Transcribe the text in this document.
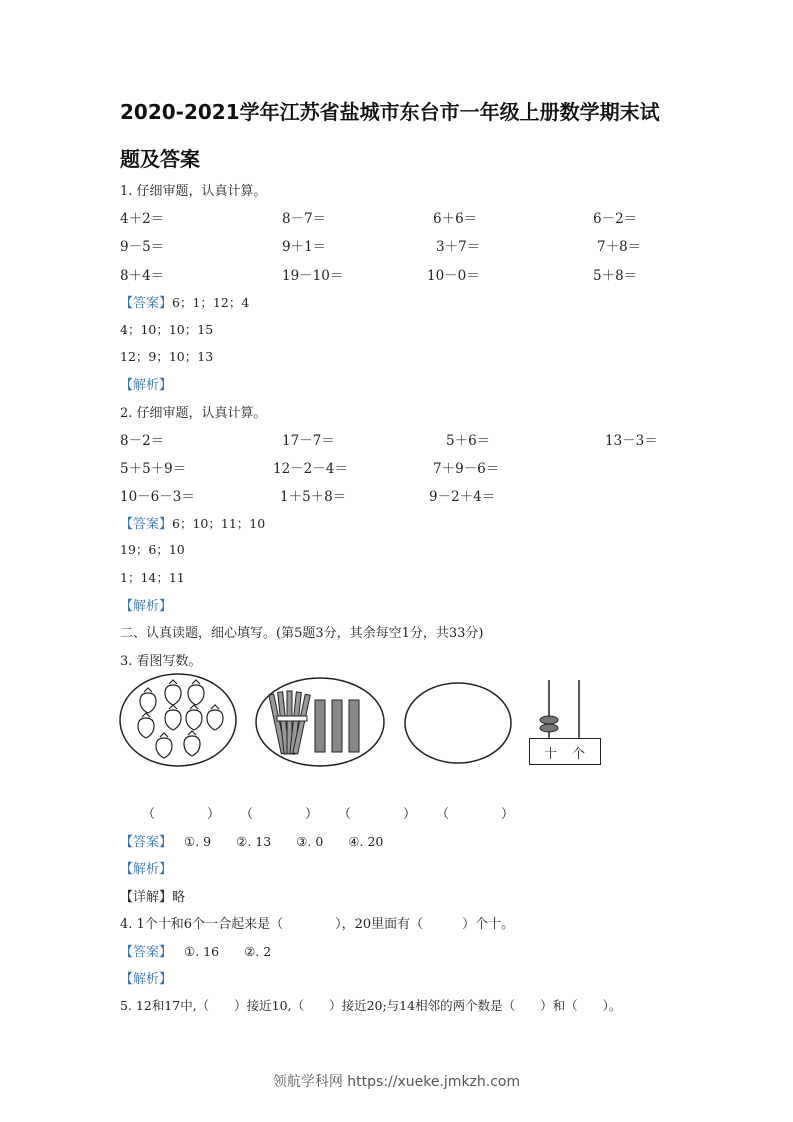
2020-2021学年江苏省盐城市东台市一年级上册数学期末试
题及答案
1. 仔细审题，认真计算。
4＋2＝	8－7＝	6＋6＝	6－2＝
9－5＝	9＋1＝	3＋7＝	7＋8＝
8＋4＝	19－10＝	10－0＝	5＋8＝
【答案】6；1；12；4
4；10；10；15
12；9；10；13
【解析】
2. 仔细审题，认真计算。
8－2＝	17－7＝	5＋6＝	13－3＝
5＋5＋9＝	12－2－4＝	7＋9－6＝
10－6－3＝	1＋5＋8＝	9－2＋4＝
【答案】6；10；11；10
19；6；10
1；14；11
【解析】
二、认真读题，细心填写。(第5题3分，其余每空1分，共33分)
3. 看图写数。
十 个
（　　　　） （　　　　） （　　　　） （　　　　）
【答案】 ①. 9　　②. 13　　③. 0　　④. 20
【解析】
【详解】略
4. 1个十和6个一合起来是（　　　　），20里面有（　　　）个十。
【答案】 ①. 16　　②. 2
【解析】
5. 12和17中,（　　）接近10,（　　）接近20;与14相邻的两个数是（　　）和（　　）。
领航学科网 https://xueke.jmkzh.com
